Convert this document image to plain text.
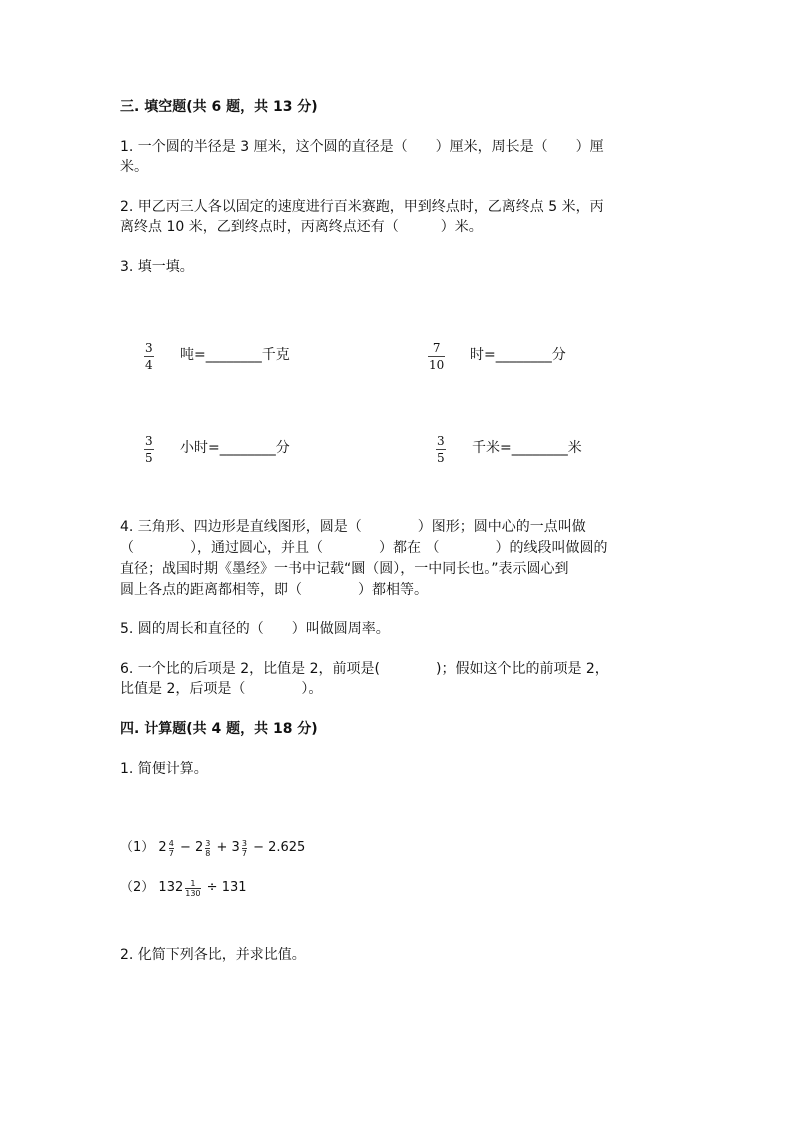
三. 填空题(共 6 题，共 13 分)
1. 一个圆的半径是 3 厘米，这个圆的直径是（　　）厘米，周长是（　　）厘
米。
2. 甲乙丙三人各以固定的速度进行百米赛跑，甲到终点时，乙离终点 5 米，丙
离终点 10 米，乙到终点时，丙离终点还有（　　　）米。
3. 填一填。
3
4
吨=________千克	7
10
时=________分
3
5
小时=________分	3
5
千米=________米
4. 三角形、四边形是直线图形，圆是（　　　　）图形；圆中心的一点叫做
（　　　　），通过圆心，并且（　　　　）都在 （　　　　）的线段叫做圆的
直径；战国时期《墨经》一书中记载“圜（圆），一中同长也。”表示圆心到
圆上各点的距离都相等，即（　　　　）都相等。
5. 圆的周长和直径的（　　）叫做圆周率。
6. 一个比的后项是 2，比值是 2，前项是(　　　　)；假如这个比的前项是 2，
比值是 2，后项是（　　　　）。
四. 计算题(共 4 题，共 18 分)
1. 简便计算。
（1） $2 \frac{4}{7} - 2 \frac{3}{8} + 3 \frac{3}{7} - 2.625$
（2） $132 \frac{1}{130} \div 131$
2. 化简下列各比，并求比值。
